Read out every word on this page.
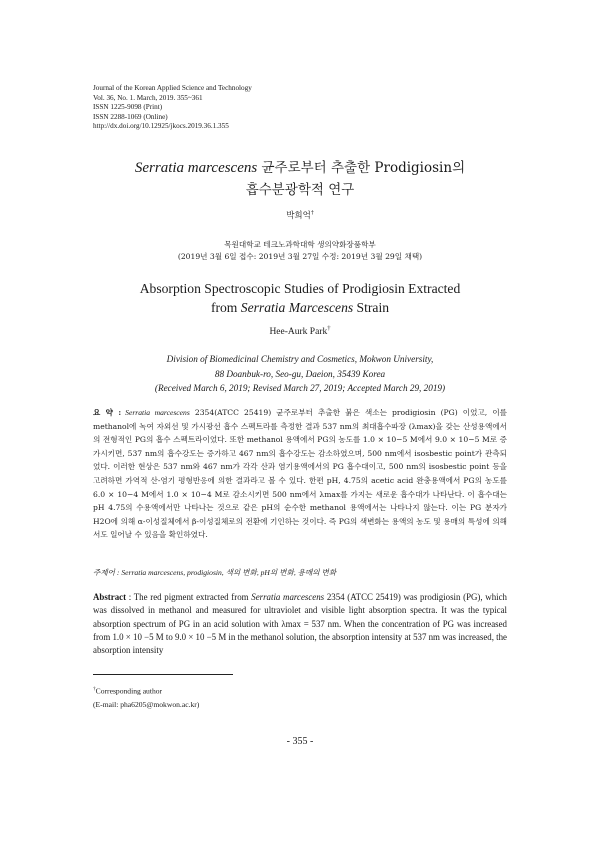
Journal of the Korean Applied Science and Technology
Vol. 36, No. 1. March, 2019. 355~361
ISSN 1225-9098 (Print)
ISSN 2288-1069 (Online)
http://dx.doi.org/10.12925/jkocs.2019.36.1.355
Serratia marcescens 균주로부터 추출한 Prodigiosin의
흡수분광학적 연구
박희억†
목원대학교 테크노과학대학 생의약화장품학부
(2019년 3월 6일 접수: 2019년 3월 27일 수정: 2019년 3월 29일 채택)
Absorption Spectroscopic Studies of Prodigiosin Extracted
from Serratia Marcescens Strain
Hee-Aurk Park†
Division of Biomedicinal Chemistry and Cosmetics, Mokwon University,
88 Doanbuk-ro, Seo-gu, Daeion, 35439 Korea
(Received March 6, 2019; Revised March 27, 2019; Accepted March 29, 2019)
요 약 : Serratia marcescens 2354(ATCC 25419) 균주로부터 추출한 붉은 색소는 prodigiosin (PG) 이었고, 이를 methanol에 녹여 자외선 및 가시광선 흡수 스펙트라를 측정한 결과 537 nm의 최대흡수파장 (λmax)을 갖는 산성용액에서의 전형적인 PG의 흡수 스펙트라이었다. 또한 methanol 용액에서 PG의 농도를 1.0 × 10−5 M에서 9.0 × 10−5 M로 증가시키면, 537 nm의 흡수강도는 증가하고 467 nm의 흡수강도는 감소하였으며, 500 nm에서 isosbestic point가 관측되었다. 이러한 현상은 537 nm와 467 nm가 각각 산과 염기용액에서의 PG 흡수대이고, 500 nm의 isosbestic point 등을 고려하면 가역적 산-염기 평형반응에 의한 결과라고 볼 수 있다. 한편 pH, 4.75의 acetic acid 완충용액에서 PG의 농도를 6.0 × 10−4 M에서 1.0 × 10−4 M로 감소시키면 500 nm에서 λmax를 가지는 새로운 흡수대가 나타난다. 이 흡수대는 pH 4.75의 수용액에서만 나타나는 것으로 같은 pH의 순수한 methanol 용액에서는 나타나지 않는다. 이는 PG 분자가 H2O에 의해 α-이성질체에서 β-이성질체로의 전환에 기인하는 것이다. 즉 PG의 색변화는 용액의 농도 및 용매의 특성에 의해서도 일어날 수 있음을 확인하였다.
주제어 : Serratia marcescens, prodigiosin, 색의 변화, pH의 변화, 용매의 변화
Abstract : The red pigment extracted from Serratia marcescens 2354 (ATCC 25419) was prodigiosin (PG), which was dissolved in methanol and measured for ultraviolet and visible light absorption spectra. It was the typical absorption spectrum of PG in an acid solution with λmax = 537 nm. When the concentration of PG was increased from 1.0 × 10 −5 M to 9.0 × 10 −5 M in the methanol solution, the absorption intensity at 537 nm was increased, the absorption intensity
†Corresponding author
(E-mail: pha6205@mokwon.ac.kr)
- 355 -
